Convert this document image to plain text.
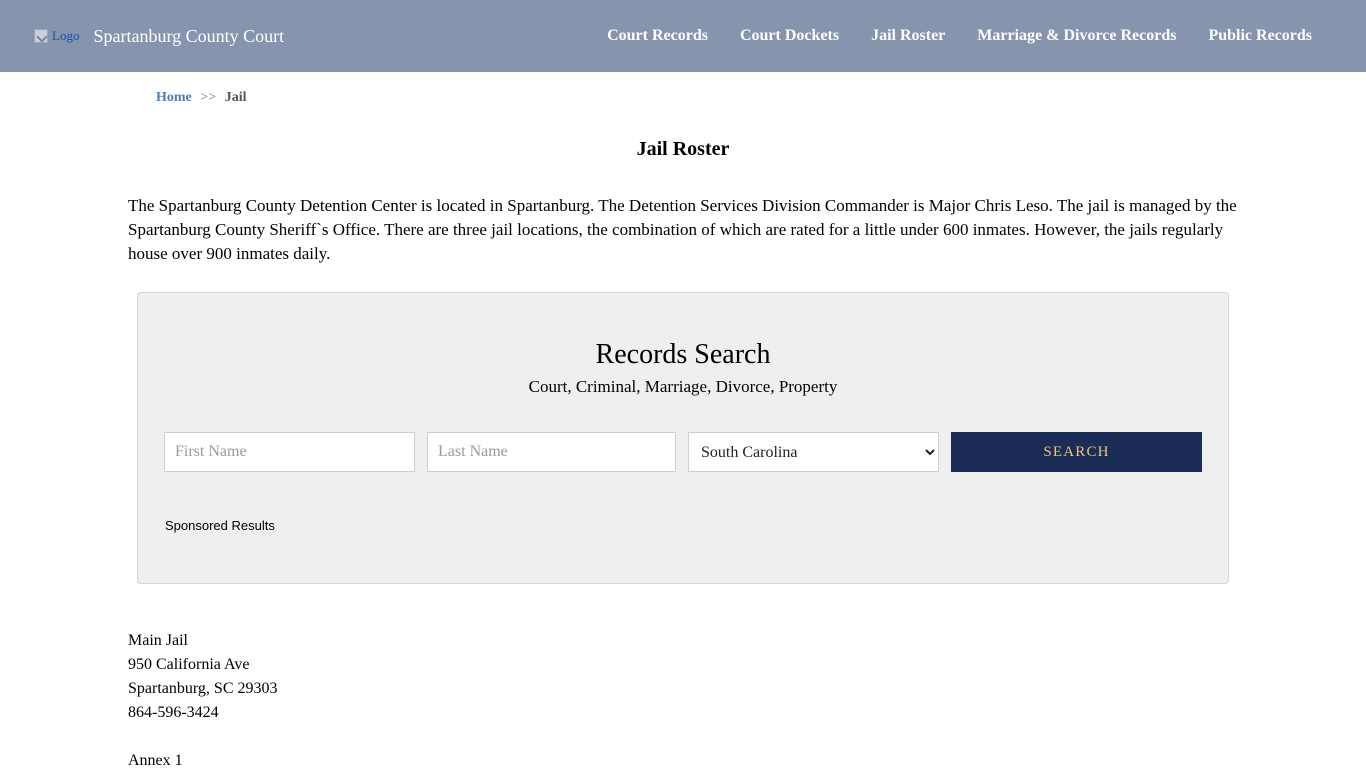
Logo Spartanburg County Court	Court Records Court Dockets Jail Roster Marriage & Divorce Records Public Records
Home >> Jail
Jail Roster

The Spartanburg County Detention Center is located in Spartanburg. The Detention Services Division Commander is Major Chris Leso. The jail is managed by the Spartanburg County Sheriff`s Office. There are three jail locations, the combination of which are rated for a little under 600 inmates. However, the jails regularly house over 900 inmates daily.

Records Search
Court, Criminal, Marriage, Divorce, Property
First Name
Last Name
South Carolina
SEARCH
Sponsored Results
Main Jail
950 California Ave
Spartanburg, SC 29303
864-596-3424
Annex 1
